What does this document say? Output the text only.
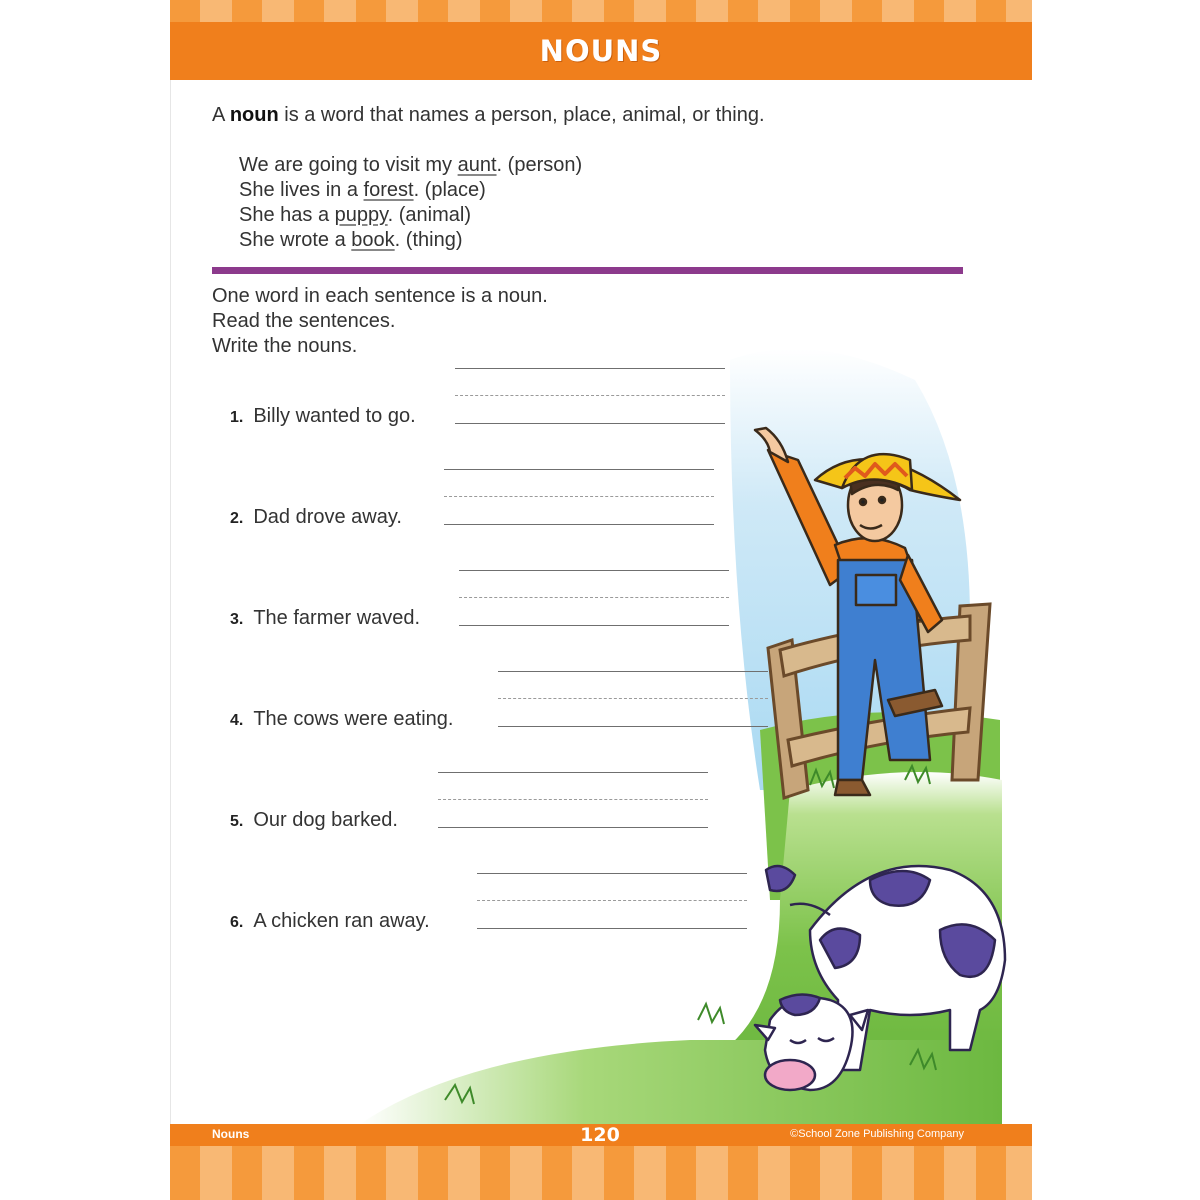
NOUNS
A noun is a word that names a person, place, animal, or thing.
We are going to visit my aunt. (person)
She lives in a forest. (place)
She has a puppy. (animal)
She wrote a book. (thing)
One word in each sentence is a noun.
Read the sentences.
Write the nouns.
1. Billy wanted to go.
2. Dad drove away.
3. The farmer waved.
4. The cows were eating.
5. Our dog barked.
6. A chicken ran away.
Nouns	120	©School Zone Publishing Company
